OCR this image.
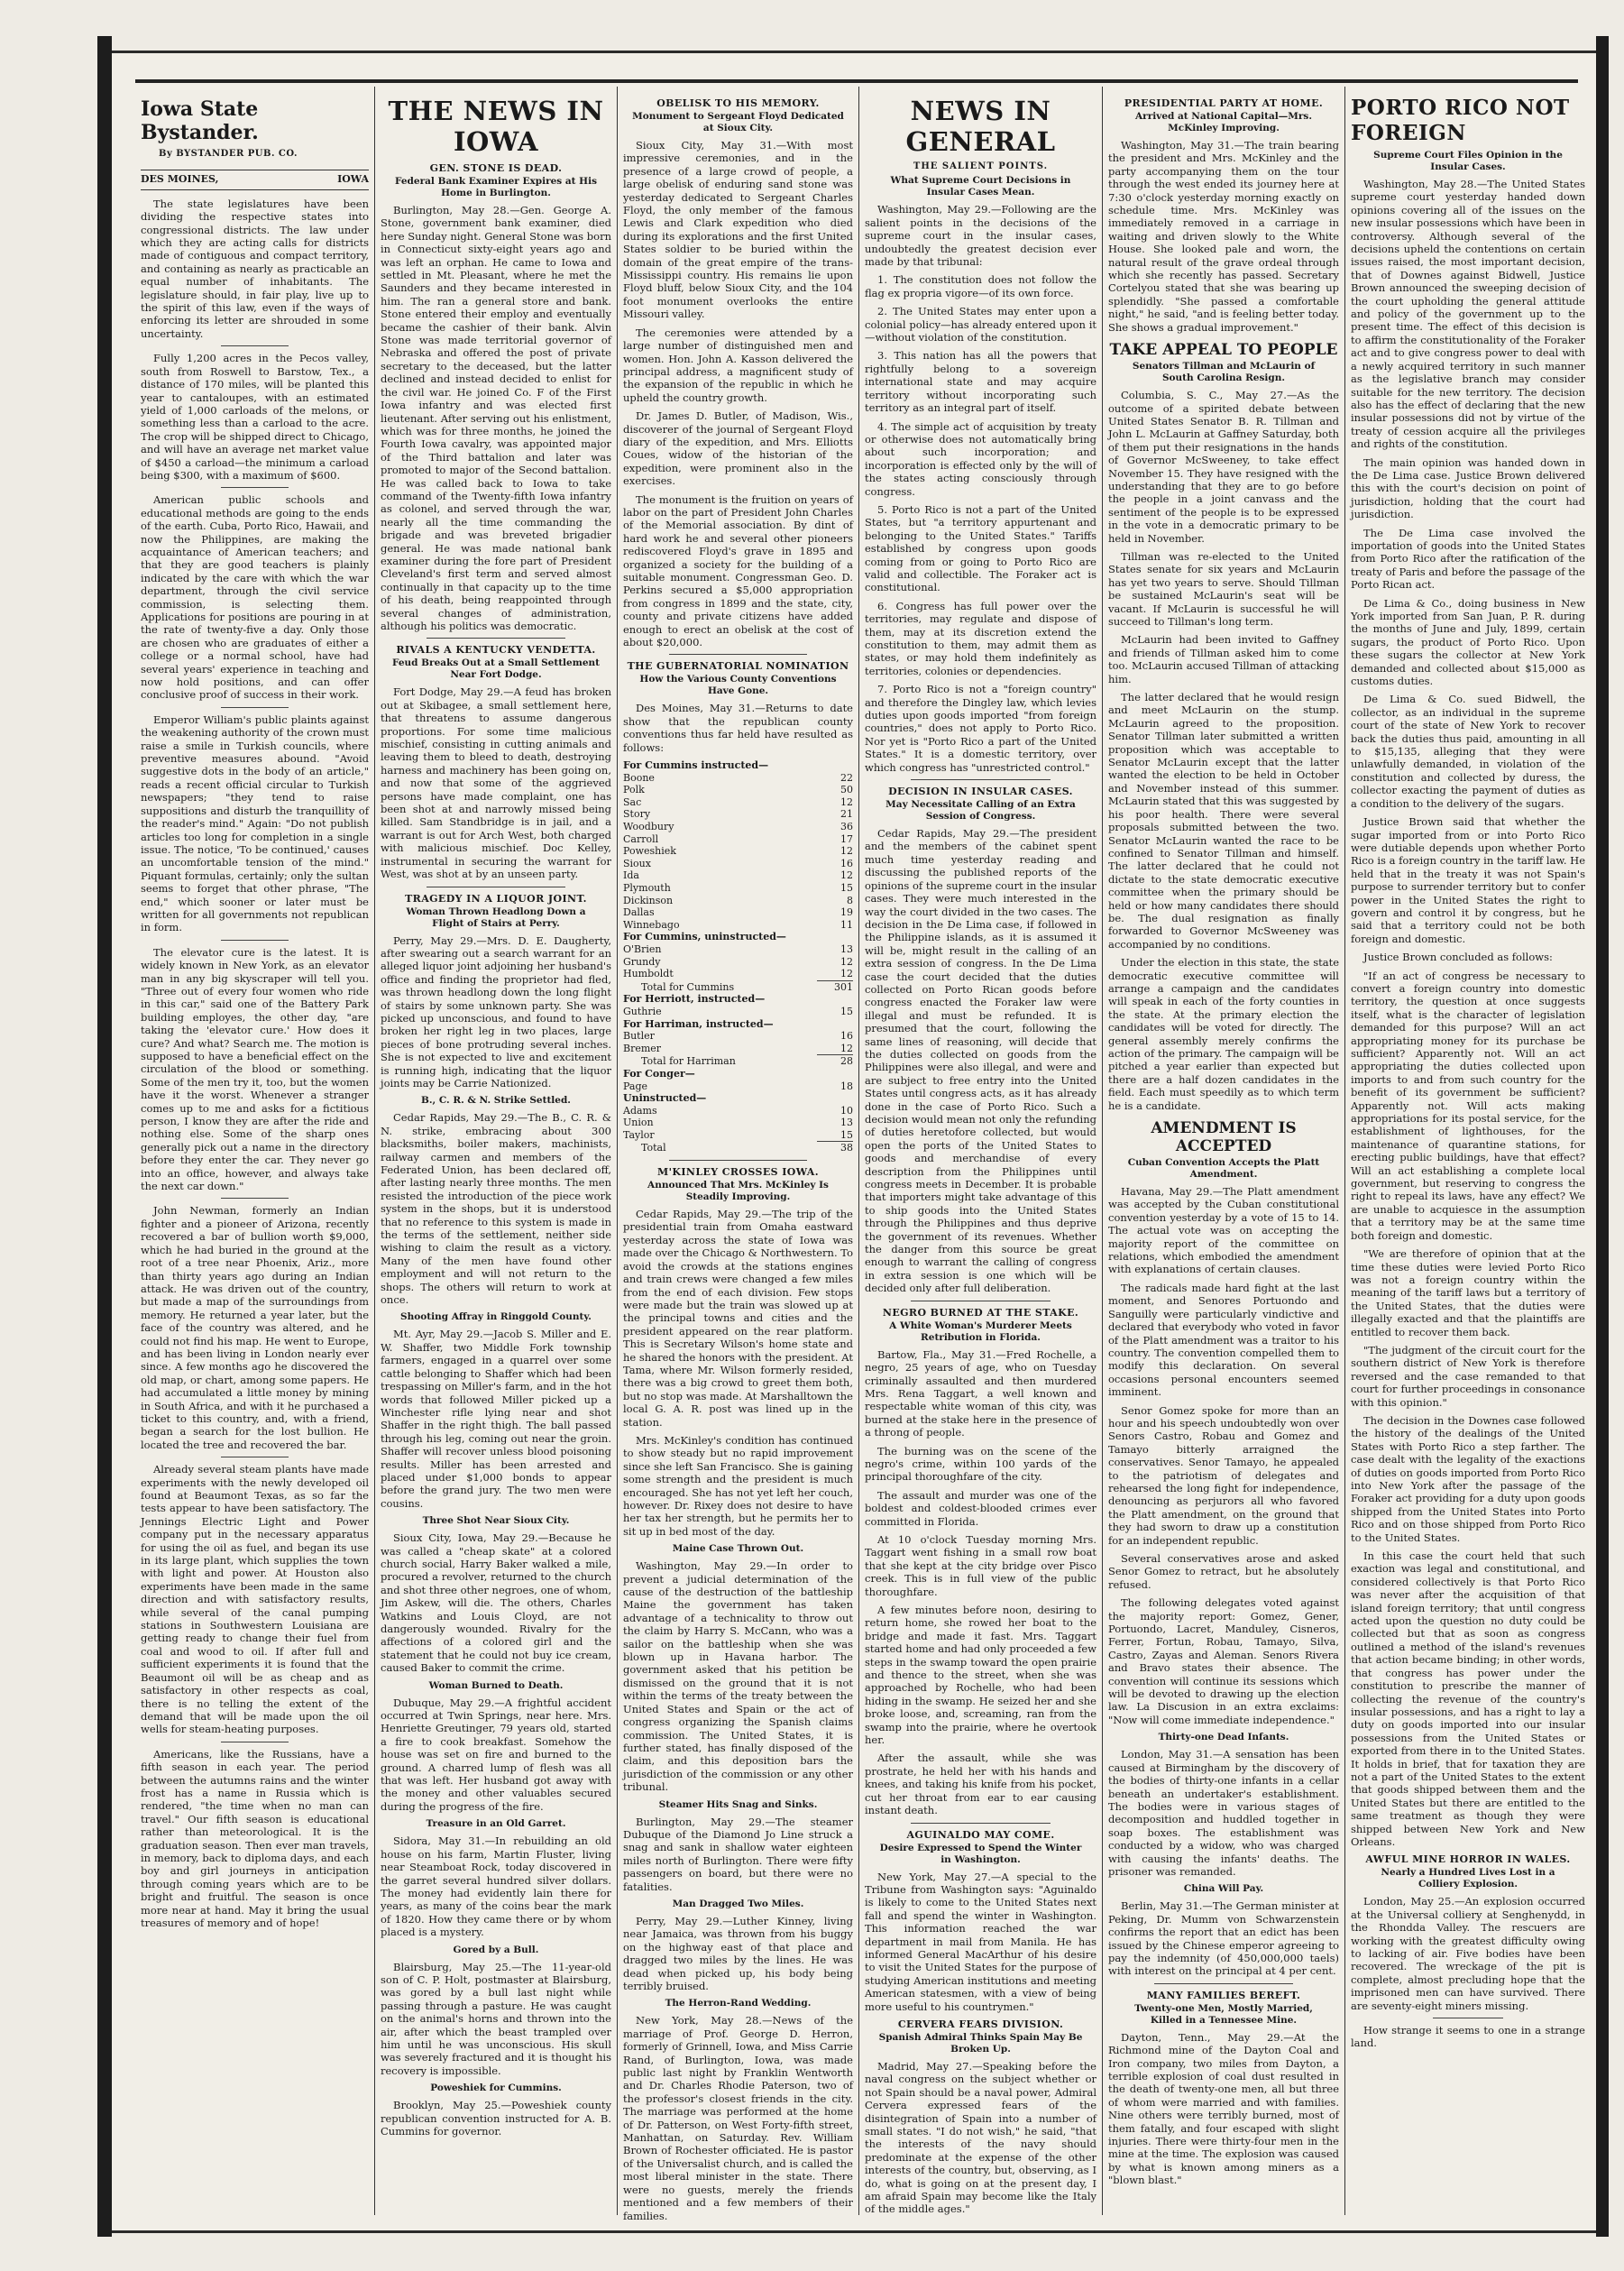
Iowa State Bystander.
By BYSTANDER PUB. CO.
DES MOINES,	IOWA

The state legislatures have been dividing the respective states into congressional districts. The law under which they are acting calls for districts made of contiguous and compact territory, and containing as nearly as practicable an equal number of inhabitants. The legislature should, in fair play, live up to the spirit of this law, even if the ways of enforcing its letter are shrouded in some uncertainty.

Fully 1,200 acres in the Pecos valley, south from Roswell to Barstow, Tex., a distance of 170 miles, will be planted this year to cantaloupes, with an estimated yield of 1,000 carloads of the melons, or something less than a carload to the acre. The crop will be shipped direct to Chicago, and will have an average net market value of $450 a carload—the minimum a carload being $300, with a maximum of $600.

American public schools and educational methods are going to the ends of the earth. Cuba, Porto Rico, Hawaii, and now the Philippines, are making the acquaintance of American teachers; and that they are good teachers is plainly indicated by the care with which the war department, through the civil service commission, is selecting them. Applications for positions are pouring in at the rate of twenty-five a day. Only those are chosen who are graduates of either a college or a normal school, have had several years' experience in teaching and now hold positions, and can offer conclusive proof of success in their work.

Emperor William's public plaints against the weakening authority of the crown must raise a smile in Turkish councils, where preventive measures abound. "Avoid suggestive dots in the body of an article," reads a recent official circular to Turkish newspapers; "they tend to raise suppositions and disturb the tranquillity of the reader's mind." Again: "Do not publish articles too long for completion in a single issue. The notice, 'To be continued,' causes an uncomfortable tension of the mind." Piquant formulas, certainly; only the sultan seems to forget that other phrase, "The end," which sooner or later must be written for all governments not republican in form.

The elevator cure is the latest. It is widely known in New York, as an elevator man in any big skyscraper will tell you. "Three out of every four women who ride in this car," said one of the Battery Park building employes, the other day, "are taking the 'elevator cure.' How does it cure? And what? Search me. The motion is supposed to have a beneficial effect on the circulation of the blood or something. Some of the men try it, too, but the women have it the worst. Whenever a stranger comes up to me and asks for a fictitious person, I know they are after the ride and nothing else. Some of the sharp ones generally pick out a name in the directory before they enter the car. They never go into an office, however, and always take the next car down."

John Newman, formerly an Indian fighter and a pioneer of Arizona, recently recovered a bar of bullion worth $9,000, which he had buried in the ground at the root of a tree near Phoenix, Ariz., more than thirty years ago during an Indian attack. He was driven out of the country, but made a map of the surroundings from memory. He returned a year later, but the face of the country was altered, and he could not find his map. He went to Europe, and has been living in London nearly ever since. A few months ago he discovered the old map, or chart, among some papers. He had accumulated a little money by mining in South Africa, and with it he purchased a ticket to this country, and, with a friend, began a search for the lost bullion. He located the tree and recovered the bar.

Already several steam plants have made experiments with the newly developed oil found at Beaumont Texas, as so far the tests appear to have been satisfactory. The Jennings Electric Light and Power company put in the necessary apparatus for using the oil as fuel, and began its use in its large plant, which supplies the town with light and power. At Houston also experiments have been made in the same direction and with satisfactory results, while several of the canal pumping stations in Southwestern Louisiana are getting ready to change their fuel from coal and wood to oil. If after full and sufficient experiments it is found that the Beaumont oil will be as cheap and as satisfactory in other respects as coal, there is no telling the extent of the demand that will be made upon the oil wells for steam-heating purposes.

Americans, like the Russians, have a fifth season in each year. The period between the autumns rains and the winter frost has a name in Russia which is rendered, "the time when no man can travel." Our fifth season is educational rather than meteorological. It is the graduation season. Then ever man travels, in memory, back to diploma days, and each boy and girl journeys in anticipation through coming years which are to be bright and fruitful. The season is once more near at hand. May it bring the usual treasures of memory and of hope!

THE NEWS IN IOWA
GEN. STONE IS DEAD.
Federal Bank Examiner Expires at His Home in Burlington.

Burlington, May 28.—Gen. George A. Stone, government bank examiner, died here Sunday night. General Stone was born in Connecticut sixty-eight years ago and was left an orphan. He came to Iowa and settled in Mt. Pleasant, where he met the Saunders and they became interested in him. The ran a general store and bank. Stone entered their employ and eventually became the cashier of their bank. Alvin Stone was made territorial governor of Nebraska and offered the post of private secretary to the deceased, but the latter declined and instead decided to enlist for the civil war. He joined Co. F of the First Iowa infantry and was elected first lieutenant. After serving out his enlistment, which was for three months, he joined the Fourth Iowa cavalry, was appointed major of the Third battalion and later was promoted to major of the Second battalion. He was called back to Iowa to take command of the Twenty-fifth Iowa infantry as colonel, and served through the war, nearly all the time commanding the brigade and was breveted brigadier general. He was made national bank examiner during the fore part of President Cleveland's first term and served almost continually in that capacity up to the time of his death, being reappointed through several changes of administration, although his politics was democratic.

RIVALS A KENTUCKY VENDETTA.
Feud Breaks Out at a Small Settlement Near Fort Dodge.

Fort Dodge, May 29.—A feud has broken out at Skibagee, a small settlement here, that threatens to assume dangerous proportions. For some time malicious mischief, consisting in cutting animals and leaving them to bleed to death, destroying harness and machinery has been going on, and now that some of the aggrieved persons have made complaint, one has been shot at and narrowly missed being killed. Sam Standbridge is in jail, and a warrant is out for Arch West, both charged with malicious mischief. Doc Kelley, instrumental in securing the warrant for West, was shot at by an unseen party.

TRAGEDY IN A LIQUOR JOINT.
Woman Thrown Headlong Down a Flight of Stairs at Perry.

Perry, May 29.—Mrs. D. E. Daugherty, after swearing out a search warrant for an alleged liquor joint adjoining her husband's office and finding the proprietor had fled, was thrown headlong down the long flight of stairs by some unknown party. She was picked up unconscious, and found to have broken her right leg in two places, large pieces of bone protruding several inches. She is not expected to live and excitement is running high, indicating that the liquor joints may be Carrie Nationized.

B., C. R. & N. Strike Settled.

Cedar Rapids, May 29.—The B., C. R. & N. strike, embracing about 300 blacksmiths, boiler makers, machinists, railway carmen and members of the Federated Union, has been declared off, after lasting nearly three months. The men resisted the introduction of the piece work system in the shops, but it is understood that no reference to this system is made in the terms of the settlement, neither side wishing to claim the result as a victory. Many of the men have found other employment and will not return to the shops. The others will return to work at once.

Shooting Affray in Ringgold County.

Mt. Ayr, May 29.—Jacob S. Miller and E. W. Shaffer, two Middle Fork township farmers, engaged in a quarrel over some cattle belonging to Shaffer which had been trespassing on Miller's farm, and in the hot words that followed Miller picked up a Winchester rifle lying near and shot Shaffer in the right thigh. The ball passed through his leg, coming out near the groin. Shaffer will recover unless blood poisoning results. Miller has been arrested and placed under $1,000 bonds to appear before the grand jury. The two men were cousins.

Three Shot Near Sioux City.

Sioux City, Iowa, May 29.—Because he was called a "cheap skate" at a colored church social, Harry Baker walked a mile, procured a revolver, returned to the church and shot three other negroes, one of whom, Jim Askew, will die. The others, Charles Watkins and Louis Cloyd, are not dangerously wounded. Rivalry for the affections of a colored girl and the statement that he could not buy ice cream, caused Baker to commit the crime.

Woman Burned to Death.

Dubuque, May 29.—A frightful accident occurred at Twin Springs, near here. Mrs. Henriette Greutinger, 79 years old, started a fire to cook breakfast. Somehow the house was set on fire and burned to the ground. A charred lump of flesh was all that was left. Her husband got away with the money and other valuables secured during the progress of the fire.

Treasure in an Old Garret.

Sidora, May 31.—In rebuilding an old house on his farm, Martin Fluster, living near Steamboat Rock, today discovered in the garret several hundred silver dollars. The money had evidently lain there for years, as many of the coins bear the mark of 1820. How they came there or by whom placed is a mystery.

Gored by a Bull.

Blairsburg, May 25.—The 11-year-old son of C. P. Holt, postmaster at Blairsburg, was gored by a bull last night while passing through a pasture. He was caught on the animal's horns and thrown into the air, after which the beast trampled over him until he was unconscious. His skull was severely fractured and it is thought his recovery is impossible.

Poweshiek for Cummins.

Brooklyn, May 25.—Poweshiek county republican convention instructed for A. B. Cummins for governor.

OBELISK TO HIS MEMORY.
Monument to Sergeant Floyd Dedicated at Sioux City.

Sioux City, May 31.—With most impressive ceremonies, and in the presence of a large crowd of people, a large obelisk of enduring sand stone was yesterday dedicated to Sergeant Charles Floyd, the only member of the famous Lewis and Clark expedition who died during its explorations and the first United States soldier to be buried within the domain of the great empire of the trans-Mississippi country. His remains lie upon Floyd bluff, below Sioux City, and the 104 foot monument overlooks the entire Missouri valley.

The ceremonies were attended by a large number of distinguished men and women. Hon. John A. Kasson delivered the principal address, a magnificent study of the expansion of the republic in which he upheld the country growth.

Dr. James D. Butler, of Madison, Wis., discoverer of the journal of Sergeant Floyd diary of the expedition, and Mrs. Elliotts Coues, widow of the historian of the expedition, were prominent also in the exercises.

The monument is the fruition on years of labor on the part of President John Charles of the Memorial association. By dint of hard work he and several other pioneers rediscovered Floyd's grave in 1895 and organized a society for the building of a suitable monument. Congressman Geo. D. Perkins secured a $5,000 appropriation from congress in 1899 and the state, city, county and private citizens have added enough to erect an obelisk at the cost of about $20,000.

THE GUBERNATORIAL NOMINATION
How the Various County Conventions Have Gone.

Des Moines, May 31.—Returns to date show that the republican county conventions thus far held have resulted as follows:

For Cummins instructed—	
Boone	22
Polk	50
Sac	12
Story	21
Woodbury	36
Carroll	17
Poweshiek	12
Sioux	16
Ida	12
Plymouth	15
Dickinson	8
Dallas	19
Winnebago	11
For Cummins, uninstructed—	
O'Brien	13
Grundy	12
Humboldt	12
Total for Cummins	301
For Herriott, instructed—	
Guthrie	15
For Harriman, instructed—	
Butler	16
Bremer	12
Total for Harriman	28
For Conger—	
Page	18
Uninstructed—	
Adams	10
Union	13
Taylor	15
Total	38
M'KINLEY CROSSES IOWA.
Announced That Mrs. McKinley Is Steadily Improving.

Cedar Rapids, May 29.—The trip of the presidential train from Omaha eastward yesterday across the state of Iowa was made over the Chicago & Northwestern. To avoid the crowds at the stations engines and train crews were changed a few miles from the end of each division. Few stops were made but the train was slowed up at the principal towns and cities and the president appeared on the rear platform. This is Secretary Wilson's home state and he shared the honors with the president. At Tama, where Mr. Wilson formerly resided, there was a big crowd to greet them both, but no stop was made. At Marshalltown the local G. A. R. post was lined up in the station.

Mrs. McKinley's condition has continued to show steady but no rapid improvement since she left San Francisco. She is gaining some strength and the president is much encouraged. She has not yet left her couch, however. Dr. Rixey does not desire to have her tax her strength, but he permits her to sit up in bed most of the day.

Maine Case Thrown Out.

Washington, May 29.—In order to prevent a judicial determination of the cause of the destruction of the battleship Maine the government has taken advantage of a technicality to throw out the claim by Harry S. McCann, who was a sailor on the battleship when she was blown up in Havana harbor. The government asked that his petition be dismissed on the ground that it is not within the terms of the treaty between the United States and Spain or the act of congress organizing the Spanish claims commission. The United States, it is further stated, has finally disposed of the claim, and this deposition bars the jurisdiction of the commission or any other tribunal.

Steamer Hits Snag and Sinks.

Burlington, May 29.—The steamer Dubuque of the Diamond Jo Line struck a snag and sank in shallow water eighteen miles north of Burlington. There were fifty passengers on board, but there were no fatalities.

Man Dragged Two Miles.

Perry, May 29.—Luther Kinney, living near Jamaica, was thrown from his buggy on the highway east of that place and dragged two miles by the lines. He was dead when picked up, his body being terribly bruised.

The Herron-Rand Wedding.

New York, May 28.—News of the marriage of Prof. George D. Herron, formerly of Grinnell, Iowa, and Miss Carrie Rand, of Burlington, Iowa, was made public last night by Franklin Wentworth and Dr. Charles Rhodie Paterson, two of the professor's closest friends in the city. The marriage was performed at the home of Dr. Patterson, on West Forty-fifth street, Manhattan, on Saturday. Rev. William Brown of Rochester officiated. He is pastor of the Universalist church, and is called the most liberal minister in the state. There were no guests, merely the friends mentioned and a few members of their families.

NEWS IN GENERAL
THE SALIENT POINTS.
What Supreme Court Decisions in Insular Cases Mean.

Washington, May 29.—Following are the salient points in the decisions of the supreme court in the insular cases, undoubtedly the greatest decision ever made by that tribunal:

1. The constitution does not follow the flag ex propria vigore—of its own force.

2. The United States may enter upon a colonial policy—has already entered upon it—without violation of the constitution.

3. This nation has all the powers that rightfully belong to a sovereign international state and may acquire territory without incorporating such territory as an integral part of itself.

4. The simple act of acquisition by treaty or otherwise does not automatically bring about such incorporation; and incorporation is effected only by the will of the states acting consciously through congress.

5. Porto Rico is not a part of the United States, but "a territory appurtenant and belonging to the United States." Tariffs established by congress upon goods coming from or going to Porto Rico are valid and collectible. The Foraker act is constitutional.

6. Congress has full power over the territories, may regulate and dispose of them, may at its discretion extend the constitution to them, may admit them as states, or may hold them indefinitely as territories, colonies or dependencies.

7. Porto Rico is not a "foreign country" and therefore the Dingley law, which levies duties upon goods imported "from foreign countries," does not apply to Porto Rico. Nor yet is "Porto Rico a part of the United States." It is a domestic territory, over which congress has "unrestricted control."

DECISION IN INSULAR CASES.
May Necessitate Calling of an Extra Session of Congress.

Cedar Rapids, May 29.—The president and the members of the cabinet spent much time yesterday reading and discussing the published reports of the opinions of the supreme court in the insular cases. They were much interested in the way the court divided in the two cases. The decision in the De Lima case, if followed in the Philippine islands, as it is assumed it will be, might result in the calling of an extra session of congress. In the De Lima case the court decided that the duties collected on Porto Rican goods before congress enacted the Foraker law were illegal and must be refunded. It is presumed that the court, following the same lines of reasoning, will decide that the duties collected on goods from the Philippines were also illegal, and were and are subject to free entry into the United States until congress acts, as it has already done in the case of Porto Rico. Such a decision would mean not only the refunding of duties heretofore collected, but would open the ports of the United States to goods and merchandise of every description from the Philippines until congress meets in December. It is probable that importers might take advantage of this to ship goods into the United States through the Philippines and thus deprive the government of its revenues. Whether the danger from this source be great enough to warrant the calling of congress in extra session is one which will be decided only after full deliberation.

NEGRO BURNED AT THE STAKE.
A White Woman's Murderer Meets Retribution in Florida.

Bartow, Fla., May 31.—Fred Rochelle, a negro, 25 years of age, who on Tuesday criminally assaulted and then murdered Mrs. Rena Taggart, a well known and respectable white woman of this city, was burned at the stake here in the presence of a throng of people.

The burning was on the scene of the negro's crime, within 100 yards of the principal thoroughfare of the city.

The assault and murder was one of the boldest and coldest-blooded crimes ever committed in Florida.

At 10 o'clock Tuesday morning Mrs. Taggart went fishing in a small row boat that she kept at the city bridge over Pisco creek. This is in full view of the public thoroughfare.

A few minutes before noon, desiring to return home, she rowed her boat to the bridge and made it fast. Mrs. Taggart started home and had only proceeded a few steps in the swamp toward the open prairie and thence to the street, when she was approached by Rochelle, who had been hiding in the swamp. He seized her and she broke loose, and, screaming, ran from the swamp into the prairie, where he overtook her.

After the assault, while she was prostrate, he held her with his hands and knees, and taking his knife from his pocket, cut her throat from ear to ear causing instant death.

AGUINALDO MAY COME.
Desire Expressed to Spend the Winter in Washington.

New York, May 27.—A special to the Tribune from Washington says: "Aguinaldo is likely to come to the United States next fall and spend the winter in Washington. This information reached the war department in mail from Manila. He has informed General MacArthur of his desire to visit the United States for the purpose of studying American institutions and meeting American statesmen, with a view of being more useful to his countrymen."

CERVERA FEARS DIVISION.
Spanish Admiral Thinks Spain May Be Broken Up.

Madrid, May 27.—Speaking before the naval congress on the subject whether or not Spain should be a naval power, Admiral Cervera expressed fears of the disintegration of Spain into a number of small states. "I do not wish," he said, "that the interests of the navy should predominate at the expense of the other interests of the country, but, observing, as I do, what is going on at the present day, I am afraid Spain may become like the Italy of the middle ages."

PRESIDENTIAL PARTY AT HOME.
Arrived at National Capital—Mrs. McKinley Improving.

Washington, May 31.—The train bearing the president and Mrs. McKinley and the party accompanying them on the tour through the west ended its journey here at 7:30 o'clock yesterday morning exactly on schedule time. Mrs. McKinley was immediately removed in a carriage in waiting and driven slowly to the White House. She looked pale and worn, the natural result of the grave ordeal through which she recently has passed. Secretary Cortelyou stated that she was bearing up splendidly. "She passed a comfortable night," he said, "and is feeling better today. She shows a gradual improvement."

TAKE APPEAL TO PEOPLE
Senators Tillman and McLaurin of South Carolina Resign.

Columbia, S. C., May 27.—As the outcome of a spirited debate between United States Senator B. R. Tillman and John L. McLaurin at Gaffney Saturday, both of them put their resignations in the hands of Governor McSweeney, to take effect November 15. They have resigned with the understanding that they are to go before the people in a joint canvass and the sentiment of the people is to be expressed in the vote in a democratic primary to be held in November.

Tillman was re-elected to the United States senate for six years and McLaurin has yet two years to serve. Should Tillman be sustained McLaurin's seat will be vacant. If McLaurin is successful he will succeed to Tillman's long term.

McLaurin had been invited to Gaffney and friends of Tillman asked him to come too. McLaurin accused Tillman of attacking him.

The latter declared that he would resign and meet McLaurin on the stump. McLaurin agreed to the proposition. Senator Tillman later submitted a written proposition which was acceptable to Senator McLaurin except that the latter wanted the election to be held in October and November instead of this summer. McLaurin stated that this was suggested by his poor health. There were several proposals submitted between the two. Senator McLaurin wanted the race to be confined to Senator Tillman and himself. The latter declared that he could not dictate to the state democratic executive committee when the primary should be held or how many candidates there should be. The dual resignation as finally forwarded to Governor McSweeney was accompanied by no conditions.

Under the election in this state, the state democratic executive committee will arrange a campaign and the candidates will speak in each of the forty counties in the state. At the primary election the candidates will be voted for directly. The general assembly merely confirms the action of the primary. The campaign will be pitched a year earlier than expected but there are a half dozen candidates in the field. Each must speedily as to which term he is a candidate.

AMENDMENT IS ACCEPTED
Cuban Convention Accepts the Platt Amendment.

Havana, May 29.—The Platt amendment was accepted by the Cuban constitutional convention yesterday by a vote of 15 to 14. The actual vote was on accepting the majority report of the committee on relations, which embodied the amendment with explanations of certain clauses.

The radicals made hard fight at the last moment, and Senores Portuondo and Sanguilly were particularly vindictive and declared that everybody who voted in favor of the Platt amendment was a traitor to his country. The convention compelled them to modify this declaration. On several occasions personal encounters seemed imminent.

Senor Gomez spoke for more than an hour and his speech undoubtedly won over Senors Castro, Robau and Gomez and Tamayo bitterly arraigned the conservatives. Senor Tamayo, he appealed to the patriotism of delegates and rehearsed the long fight for independence, denouncing as perjurors all who favored the Platt amendment, on the ground that they had sworn to draw up a constitution for an independent republic.

Several conservatives arose and asked Senor Gomez to retract, but he absolutely refused.

The following delegates voted against the majority report: Gomez, Gener, Portuondo, Lacret, Manduley, Cisneros, Ferrer, Fortun, Robau, Tamayo, Silva, Castro, Zayas and Aleman. Senors Rivera and Bravo states their absence. The convention will continue its sessions which will be devoted to drawing up the election law. La Discusion in an extra exclaims: "Now will come immediate independence."

Thirty-one Dead Infants.

London, May 31.—A sensation has been caused at Birmingham by the discovery of the bodies of thirty-one infants in a cellar beneath an undertaker's establishment. The bodies were in various stages of decomposition and huddled together in soap boxes. The establishment was conducted by a widow, who was charged with causing the infants' deaths. The prisoner was remanded.

China Will Pay.

Berlin, May 31.—The German minister at Peking, Dr. Mumm von Schwarzenstein confirms the report that an edict has been issued by the Chinese emperor agreeing to pay the indemnity (of 450,000,000 taels) with interest on the principal at 4 per cent.

MANY FAMILIES BEREFT.
Twenty-one Men, Mostly Married, Killed in a Tennessee Mine.

Dayton, Tenn., May 29.—At the Richmond mine of the Dayton Coal and Iron company, two miles from Dayton, a terrible explosion of coal dust resulted in the death of twenty-one men, all but three of whom were married and with families. Nine others were terribly burned, most of them fatally, and four escaped with slight injuries. There were thirty-four men in the mine at the time. The explosion was caused by what is known among miners as a "blown blast."

PORTO RICO NOT FOREIGN
Supreme Court Files Opinion in the Insular Cases.

Washington, May 28.—The United States supreme court yesterday handed down opinions covering all of the issues on the new insular possessions which have been in controversy. Although several of the decisions upheld the contentions on certain issues raised, the most important decision, that of Downes against Bidwell, Justice Brown announced the sweeping decision of the court upholding the general attitude and policy of the government up to the present time. The effect of this decision is to affirm the constitutionality of the Foraker act and to give congress power to deal with a newly acquired territory in such manner as the legislative branch may consider suitable for the new territory. The decision also has the effect of declaring that the new insular possessions did not by virtue of the treaty of cession acquire all the privileges and rights of the constitution.

The main opinion was handed down in the De Lima case. Justice Brown delivered this with the court's decision on point of jurisdiction, holding that the court had jurisdiction.

The De Lima case involved the importation of goods into the United States from Porto Rico after the ratification of the treaty of Paris and before the passage of the Porto Rican act.

De Lima & Co., doing business in New York imported from San Juan, P. R. during the months of June and July, 1899, certain sugars, the product of Porto Rico. Upon these sugars the collector at New York demanded and collected about $15,000 as customs duties.

De Lima & Co. sued Bidwell, the collector, as an individual in the supreme court of the state of New York to recover back the duties thus paid, amounting in all to $15,135, alleging that they were unlawfully demanded, in violation of the constitution and collected by duress, the collector exacting the payment of duties as a condition to the delivery of the sugars.

Justice Brown said that whether the sugar imported from or into Porto Rico were dutiable depends upon whether Porto Rico is a foreign country in the tariff law. He held that in the treaty it was not Spain's purpose to surrender territory but to confer power in the United States the right to govern and control it by congress, but he said that a territory could not be both foreign and domestic.

Justice Brown concluded as follows:

"If an act of congress be necessary to convert a foreign country into domestic territory, the question at once suggests itself, what is the character of legislation demanded for this purpose? Will an act appropriating money for its purchase be sufficient? Apparently not. Will an act appropriating the duties collected upon imports to and from such country for the benefit of its government be sufficient? Apparently not. Will acts making appropriations for its postal service, for the establishment of lighthouses, for the maintenance of quarantine stations, for erecting public buildings, have that effect? Will an act establishing a complete local government, but reserving to congress the right to repeal its laws, have any effect? We are unable to acquiesce in the assumption that a territory may be at the same time both foreign and domestic.

"We are therefore of opinion that at the time these duties were levied Porto Rico was not a foreign country within the meaning of the tariff laws but a territory of the United States, that the duties were illegally exacted and that the plaintiffs are entitled to recover them back.

"The judgment of the circuit court for the southern district of New York is therefore reversed and the case remanded to that court for further proceedings in consonance with this opinion."

The decision in the Downes case followed the history of the dealings of the United States with Porto Rico a step farther. The case dealt with the legality of the exactions of duties on goods imported from Porto Rico into New York after the passage of the Foraker act providing for a duty upon goods shipped from the United States into Porto Rico and on those shipped from Porto Rico to the United States.

In this case the court held that such exaction was legal and constitutional, and considered collectively is that Porto Rico was never after the acquisition of that island foreign territory; that until congress acted upon the question no duty could be collected but that as soon as congress outlined a method of the island's revenues that action became binding; in other words, that congress has power under the constitution to prescribe the manner of collecting the revenue of the country's insular possessions, and has a right to lay a duty on goods imported into our insular possessions from the United States or exported from there in to the United States. It holds in brief, that for taxation they are not a part of the United States to the extent that goods shipped between them and the United States but there are entitled to the same treatment as though they were shipped between New York and New Orleans.

AWFUL MINE HORROR IN WALES.
Nearly a Hundred Lives Lost in a Colliery Explosion.

London, May 25.—An explosion occurred at the Universal colliery at Senghenydd, in the Rhondda Valley. The rescuers are working with the greatest difficulty owing to lacking of air. Five bodies have been recovered. The wreckage of the pit is complete, almost precluding hope that the imprisoned men can have survived. There are seventy-eight miners missing.

How strange it seems to one in a strange land.
